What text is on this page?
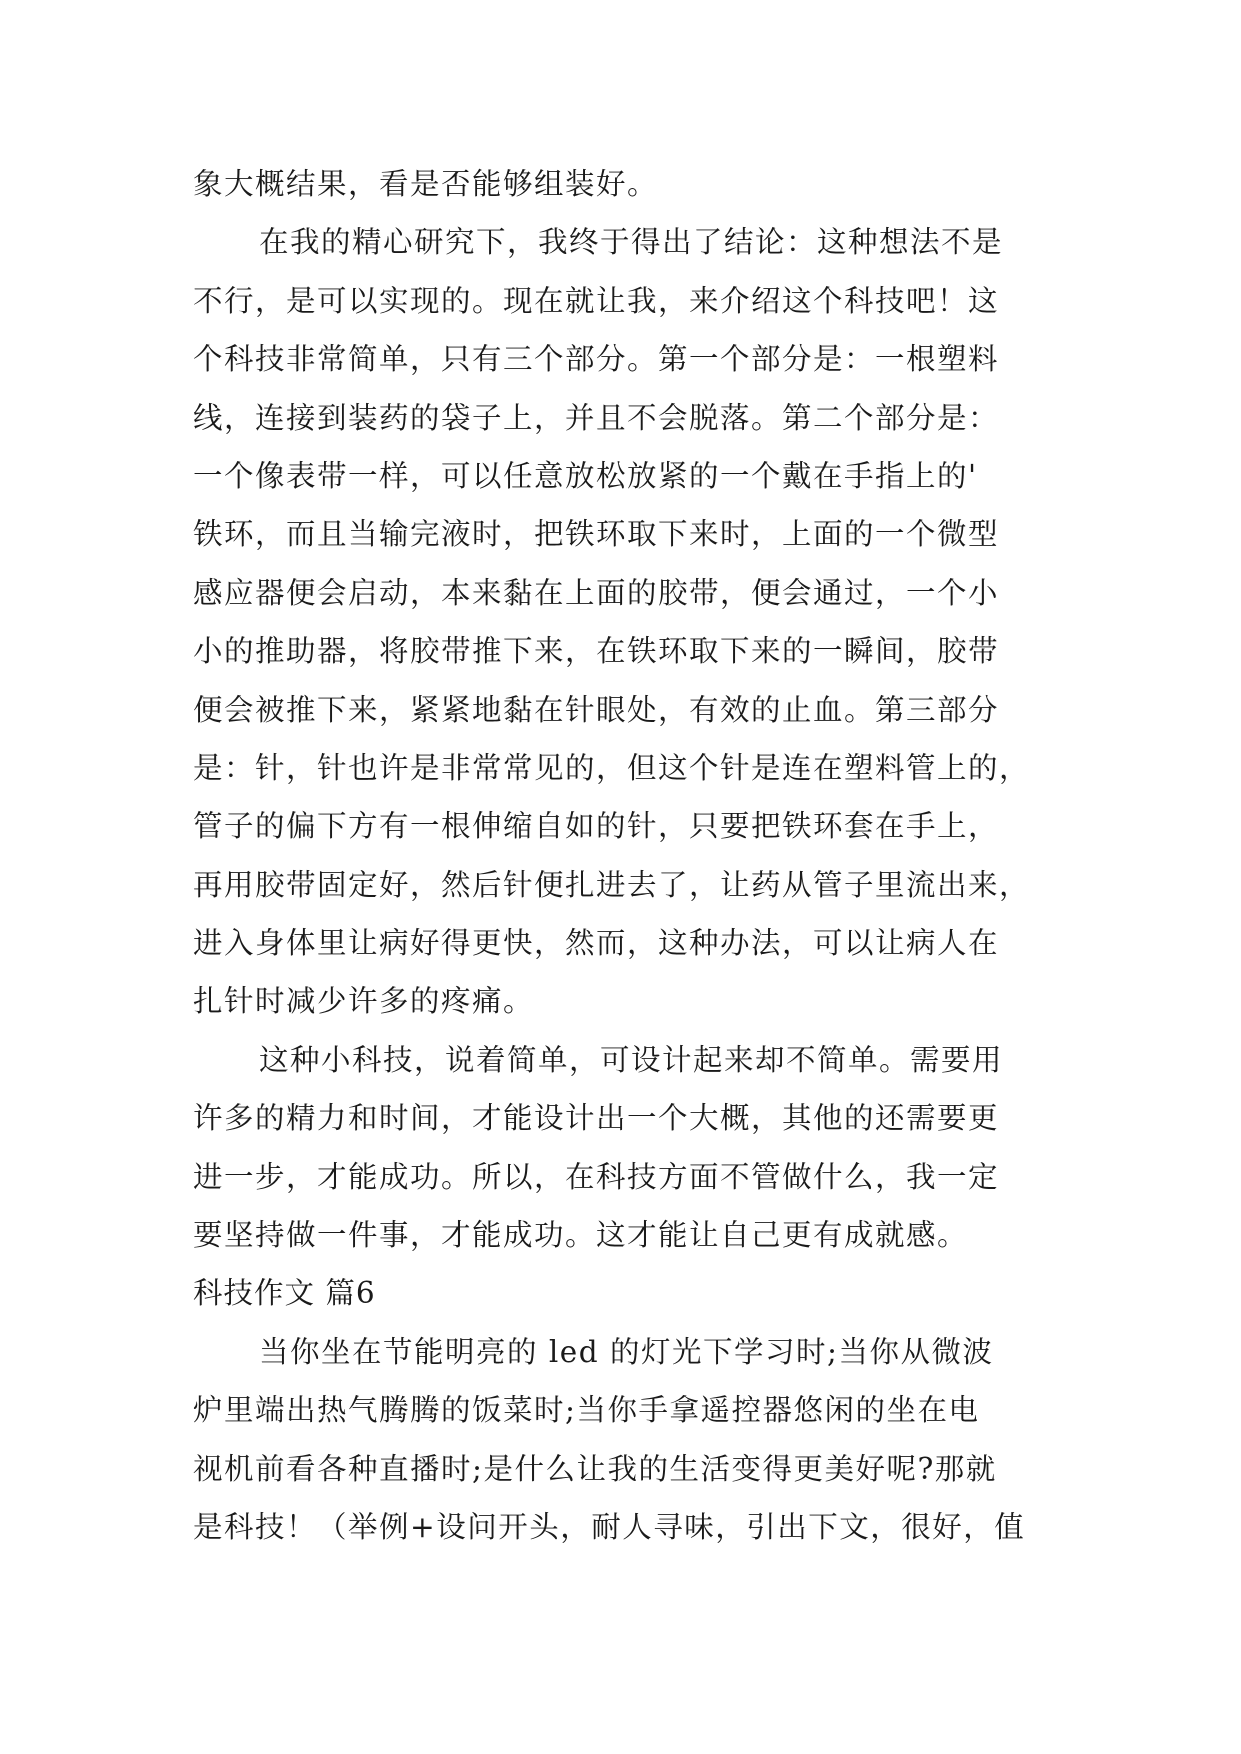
象大概结果，看是否能够组装好。
在我的精心研究下，我终于得出了结论：这种想法不是
不行，是可以实现的。现在就让我，来介绍这个科技吧！这
个科技非常简单，只有三个部分。第一个部分是：一根塑料
线，连接到装药的袋子上，并且不会脱落。第二个部分是：
一个像表带一样，可以任意放松放紧的一个戴在手指上的'
铁环，而且当输完液时，把铁环取下来时，上面的一个微型
感应器便会启动，本来黏在上面的胶带，便会通过，一个小
小的推助器，将胶带推下来，在铁环取下来的一瞬间，胶带
便会被推下来，紧紧地黏在针眼处，有效的止血。第三部分
是：针，针也许是非常常见的，但这个针是连在塑料管上的，
管子的偏下方有一根伸缩自如的针，只要把铁环套在手上，
再用胶带固定好，然后针便扎进去了，让药从管子里流出来，
进入身体里让病好得更快，然而，这种办法，可以让病人在
扎针时减少许多的疼痛。
这种小科技，说着简单，可设计起来却不简单。需要用
许多的精力和时间，才能设计出一个大概，其他的还需要更
进一步，才能成功。所以，在科技方面不管做什么，我一定
要坚持做一件事，才能成功。这才能让自己更有成就感。
科技作文 篇6
当你坐在节能明亮的 led 的灯光下学习时;当你从微波
炉里端出热气腾腾的饭菜时;当你手拿遥控器悠闲的坐在电
视机前看各种直播时;是什么让我的生活变得更美好呢?那就
是科技！（举例+设问开头，耐人寻味，引出下文，很好，值
